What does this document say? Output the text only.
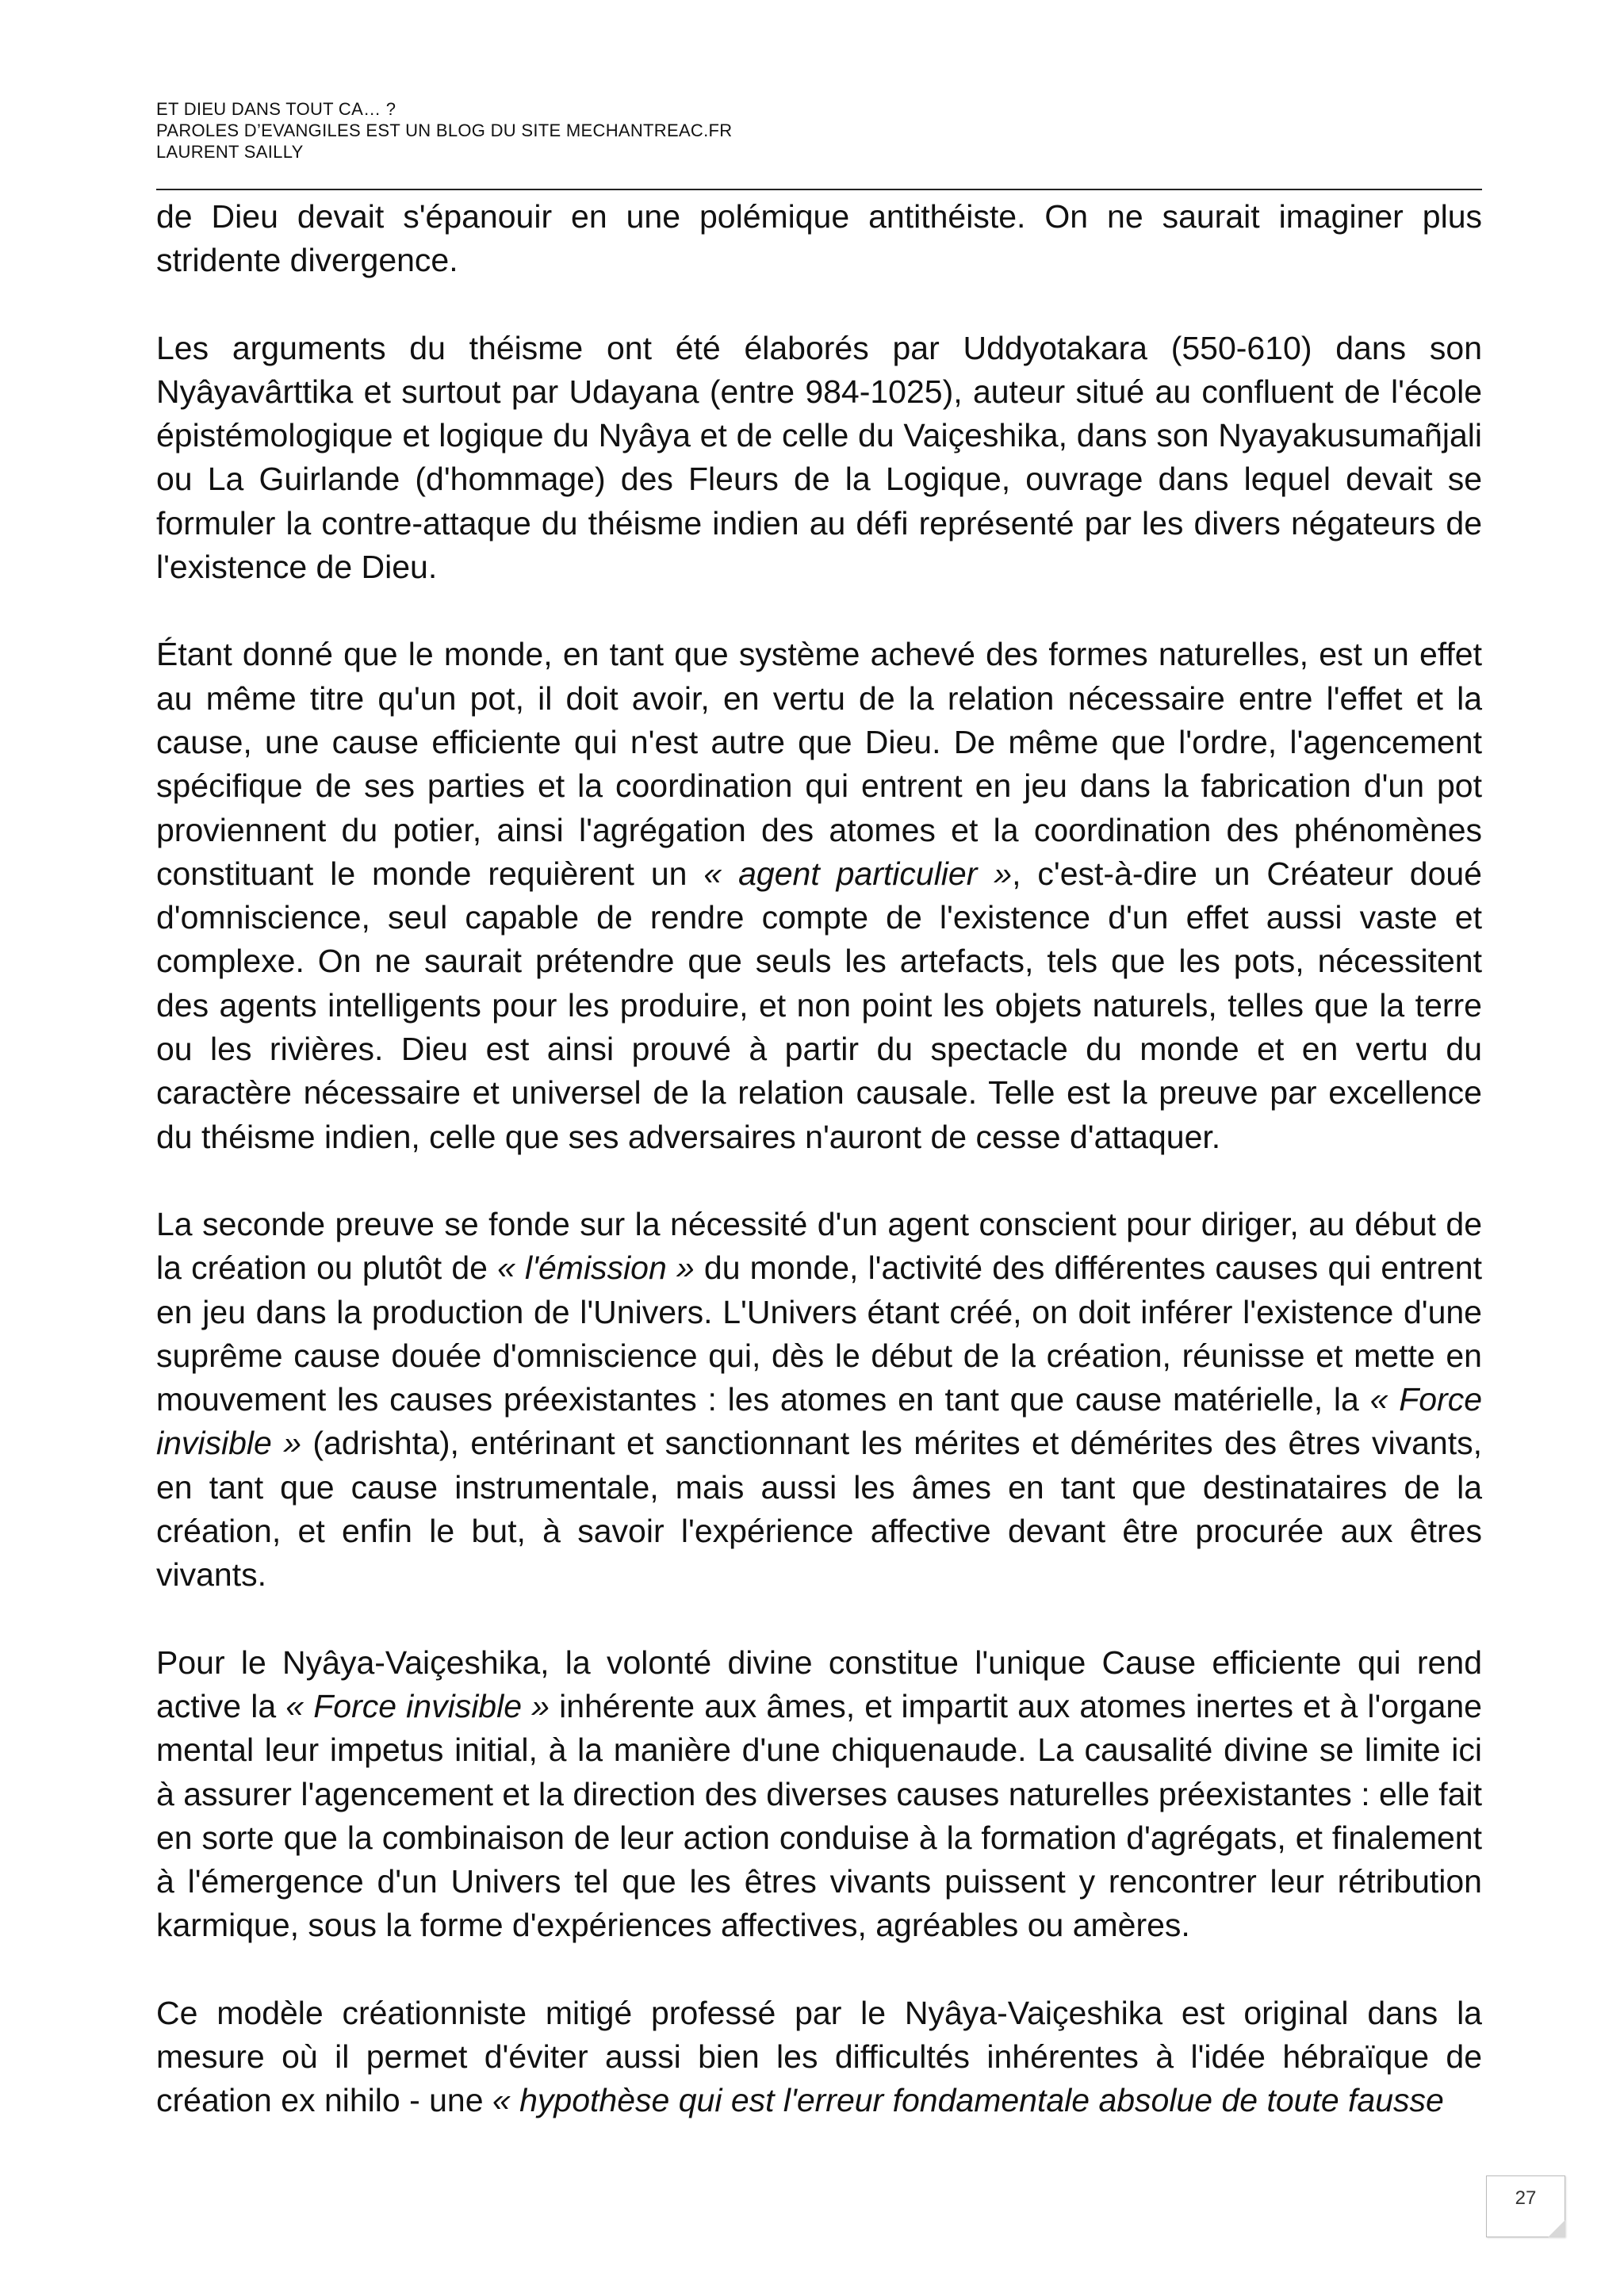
ET DIEU DANS TOUT CA… ?
PAROLES D’EVANGILES EST UN BLOG DU SITE MECHANTREAC.FR
LAURENT SAILLY

de Dieu devait s'épanouir en une polémique antithéiste. On ne saurait imaginer plus stridente divergence.

Les arguments du théisme ont été élaborés par Uddyotakara (550-610) dans son Nyâyavârttika et surtout par Udayana (entre 984-1025), auteur situé au confluent de l'école épistémologique et logique du Nyâya et de celle du Vaiçeshika, dans son Nyayakusumañjali ou La Guirlande (d'hommage) des Fleurs de la Logique, ouvrage dans lequel devait se formuler la contre-attaque du théisme indien au défi représenté par les divers négateurs de l'existence de Dieu.

Étant donné que le monde, en tant que système achevé des formes naturelles, est un effet au même titre qu'un pot, il doit avoir, en vertu de la relation nécessaire entre l'effet et la cause, une cause efficiente qui n'est autre que Dieu. De même que l'ordre, l'agencement spécifique de ses parties et la coordination qui entrent en jeu dans la fabrication d'un pot proviennent du potier, ainsi l'agrégation des atomes et la coordination des phénomènes constituant le monde requièrent un « agent particulier », c'est-à-dire un Créateur doué d'omniscience, seul capable de rendre compte de l'existence d'un effet aussi vaste et complexe. On ne saurait prétendre que seuls les artefacts, tels que les pots, nécessitent des agents intelligents pour les produire, et non point les objets naturels, telles que la terre ou les rivières. Dieu est ainsi prouvé à partir du spectacle du monde et en vertu du caractère nécessaire et universel de la relation causale. Telle est la preuve par excellence du théisme indien, celle que ses adversaires n'auront de cesse d'attaquer.

La seconde preuve se fonde sur la nécessité d'un agent conscient pour diriger, au début de la création ou plutôt de « l'émission » du monde, l'activité des différentes causes qui entrent en jeu dans la production de l'Univers. L'Univers étant créé, on doit inférer l'existence d'une suprême cause douée d'omniscience qui, dès le début de la création, réunisse et mette en mouvement les causes préexistantes : les atomes en tant que cause matérielle, la « Force invisible » (adrishta), entérinant et sanctionnant les mérites et démérites des êtres vivants, en tant que cause instrumentale, mais aussi les âmes en tant que destinataires de la création, et enfin le but, à savoir l'expérience affective devant être procurée aux êtres vivants.

Pour le Nyâya-Vaiçeshika, la volonté divine constitue l'unique Cause efficiente qui rend active la « Force invisible » inhérente aux âmes, et impartit aux atomes inertes et à l'organe mental leur impetus initial, à la manière d'une chiquenaude. La causalité divine se limite ici à assurer l'agencement et la direction des diverses causes naturelles préexistantes : elle fait en sorte que la combinaison de leur action conduise à la formation d'agrégats, et finalement à l'émergence d'un Univers tel que les êtres vivants puissent y rencontrer leur rétribution karmique, sous la forme d'expériences affectives, agréables ou amères.

Ce modèle créationniste mitigé professé par le Nyâya-Vaiçeshika est original dans la mesure où il permet d'éviter aussi bien les difficultés inhérentes à l'idée hébraïque de création ex nihilo - une « hypothèse qui est l'erreur fondamentale absolue de toute fausse

27
